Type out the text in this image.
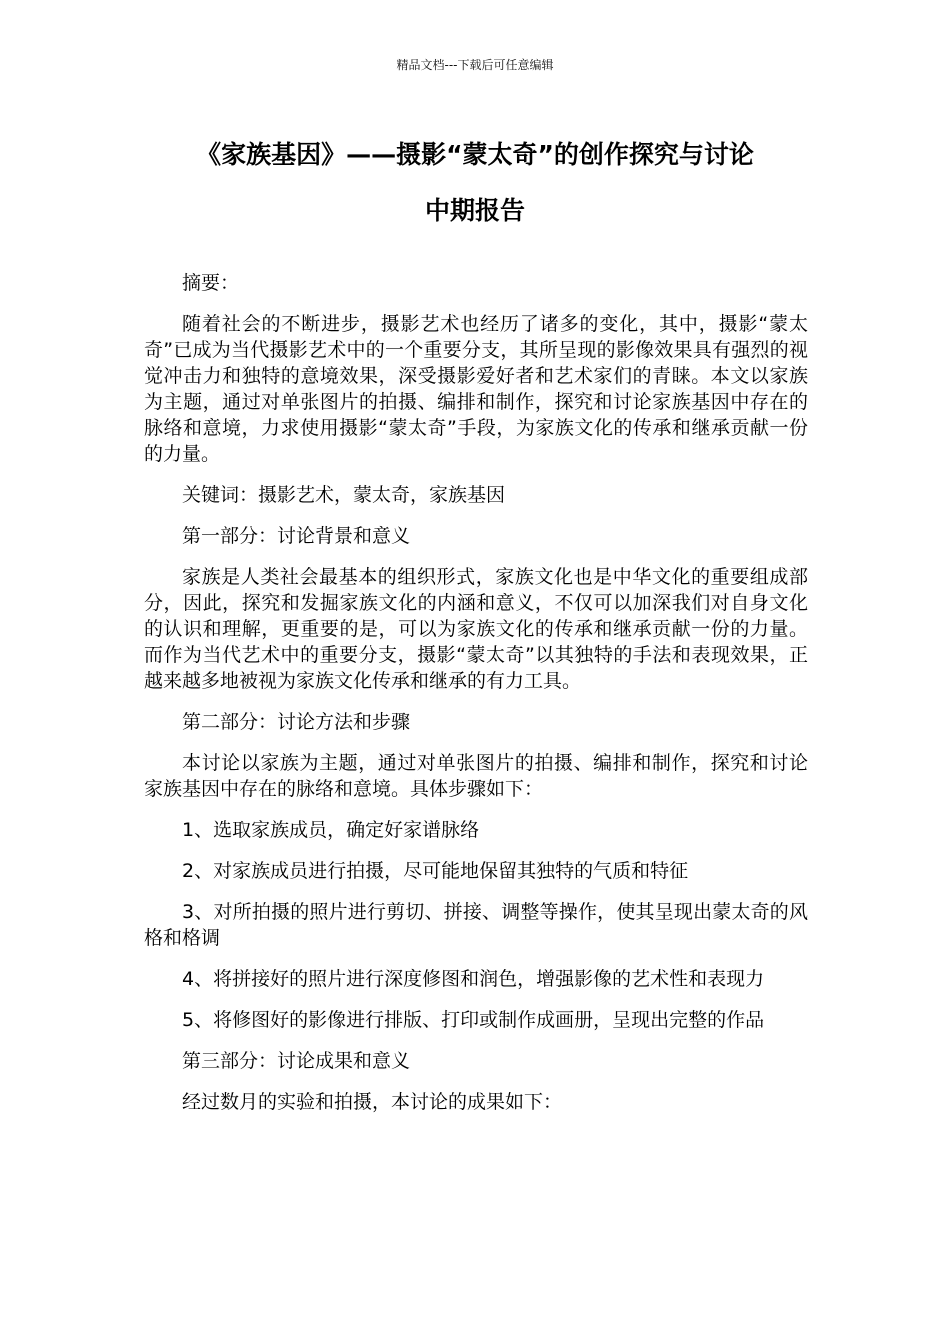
精品文档---下载后可任意编辑
《家族基因》——摄影“蒙太奇”的创作探究与讨论
中期报告

摘要：

随着社会的不断进步，摄影艺术也经历了诸多的变化，其中，摄影“蒙太奇”已成为当代摄影艺术中的一个重要分支，其所呈现的影像效果具有强烈的视觉冲击力和独特的意境效果，深受摄影爱好者和艺术家们的青睐。本文以家族为主题，通过对单张图片的拍摄、编排和制作，探究和讨论家族基因中存在的脉络和意境，力求使用摄影“蒙太奇”手段，为家族文化的传承和继承贡献一份的力量。

关键词：摄影艺术，蒙太奇，家族基因

第一部分：讨论背景和意义

家族是人类社会最基本的组织形式，家族文化也是中华文化的重要组成部分，因此，探究和发掘家族文化的内涵和意义，不仅可以加深我们对自身文化的认识和理解，更重要的是，可以为家族文化的传承和继承贡献一份的力量。而作为当代艺术中的重要分支，摄影“蒙太奇”以其独特的手法和表现效果，正越来越多地被视为家族文化传承和继承的有力工具。

第二部分：讨论方法和步骤

本讨论以家族为主题，通过对单张图片的拍摄、编排和制作，探究和讨论家族基因中存在的脉络和意境。具体步骤如下：

1、选取家族成员，确定好家谱脉络

2、对家族成员进行拍摄，尽可能地保留其独特的气质和特征

3、对所拍摄的照片进行剪切、拼接、调整等操作，使其呈现出蒙太奇的风格和格调

4、将拼接好的照片进行深度修图和润色，增强影像的艺术性和表现力

5、将修图好的影像进行排版、打印或制作成画册，呈现出完整的作品

第三部分：讨论成果和意义

经过数月的实验和拍摄，本讨论的成果如下：
